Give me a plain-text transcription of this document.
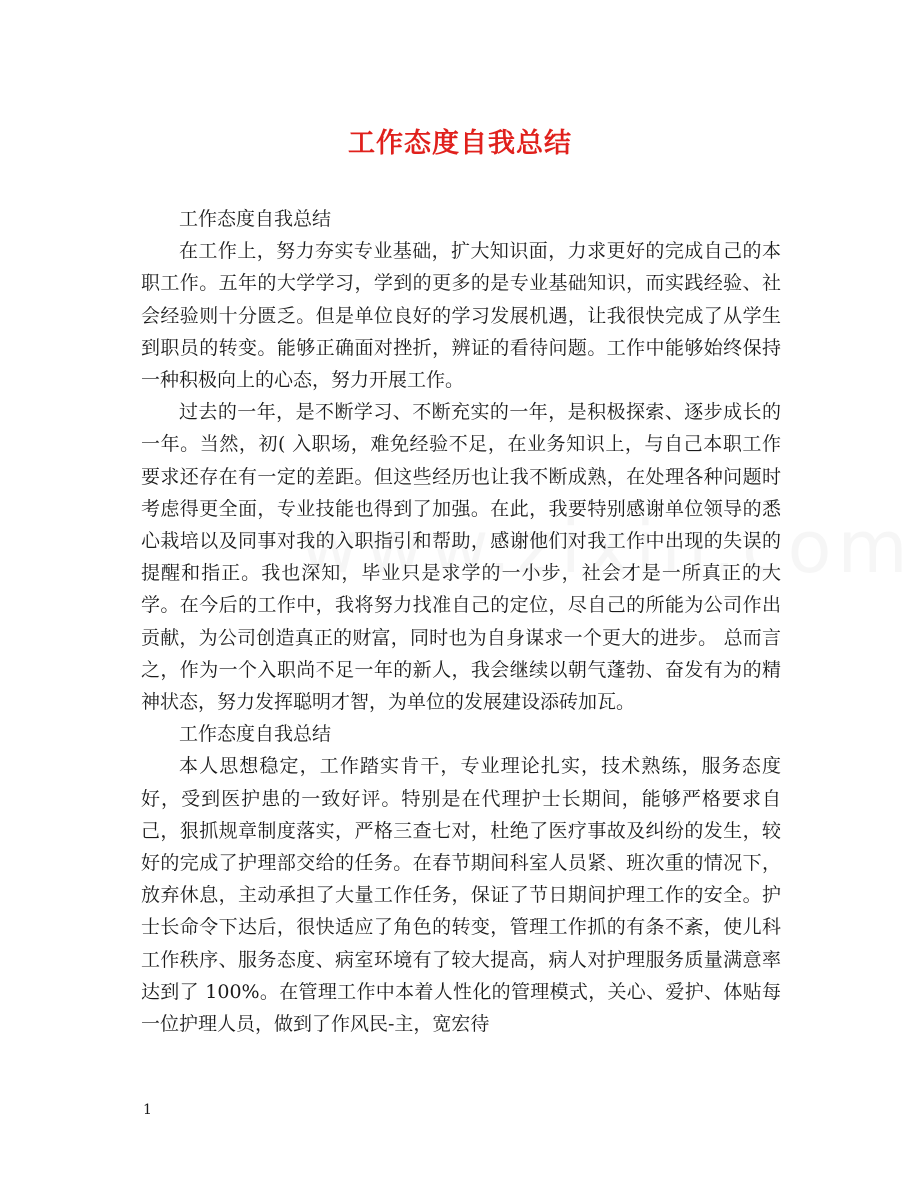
工作态度自我总结

工作态度自我总结

在工作上，努力夯实专业基础，扩大知识面，力求更好的完成自己的本职工作。五年的大学学习，学到的更多的是专业基础知识，而实践经验、社会经验则十分匮乏。但是单位良好的学习发展机遇，让我很快完成了从学生到职员的转变。能够正确面对挫折，辨证的看待问题。工作中能够始终保持一种积极向上的心态，努力开展工作。

过去的一年，是不断学习、不断充实的一年，是积极探索、逐步成长的一年。当然，初( 入职场，难免经验不足，在业务知识上，与自己本职工作要求还存在有一定的差距。但这些经历也让我不断成熟，在处理各种问题时考虑得更全面，专业技能也得到了加强。在此，我要特别感谢单位领导的悉心栽培以及同事对我的入职指引和帮助，感谢他们对我工作中出现的失误的提醒和指正。我也深知，毕业只是求学的一小步，社会才是一所真正的大学。在今后的工作中，我将努力找准自己的定位，尽自己的所能为公司作出贡献，为公司创造真正的财富，同时也为自身谋求一个更大的进步。 总而言之，作为一个入职尚不足一年的新人，我会继续以朝气蓬勃、奋发有为的精神状态，努力发挥聪明才智，为单位的发展建设添砖加瓦。

工作态度自我总结

本人思想稳定，工作踏实肯干，专业理论扎实，技术熟练，服务态度好，受到医护患的一致好评。特别是在代理护士长期间，能够严格要求自己，狠抓规章制度落实，严格三查七对，杜绝了医疗事故及纠纷的发生，较好的完成了护理部交给的任务。在春节期间科室人员紧、班次重的情况下，放弃休息，主动承担了大量工作任务，保证了节日期间护理工作的安全。护士长命令下达后，很快适应了角色的转变，管理工作抓的有条不紊，使儿科工作秩序、服务态度、病室环境有了较大提高，病人对护理服务质量满意率达到了 100%。在管理工作中本着人性化的管理模式，关心、爱护、体贴每一位护理人员，做到了作风民-主，宽宏待

1
